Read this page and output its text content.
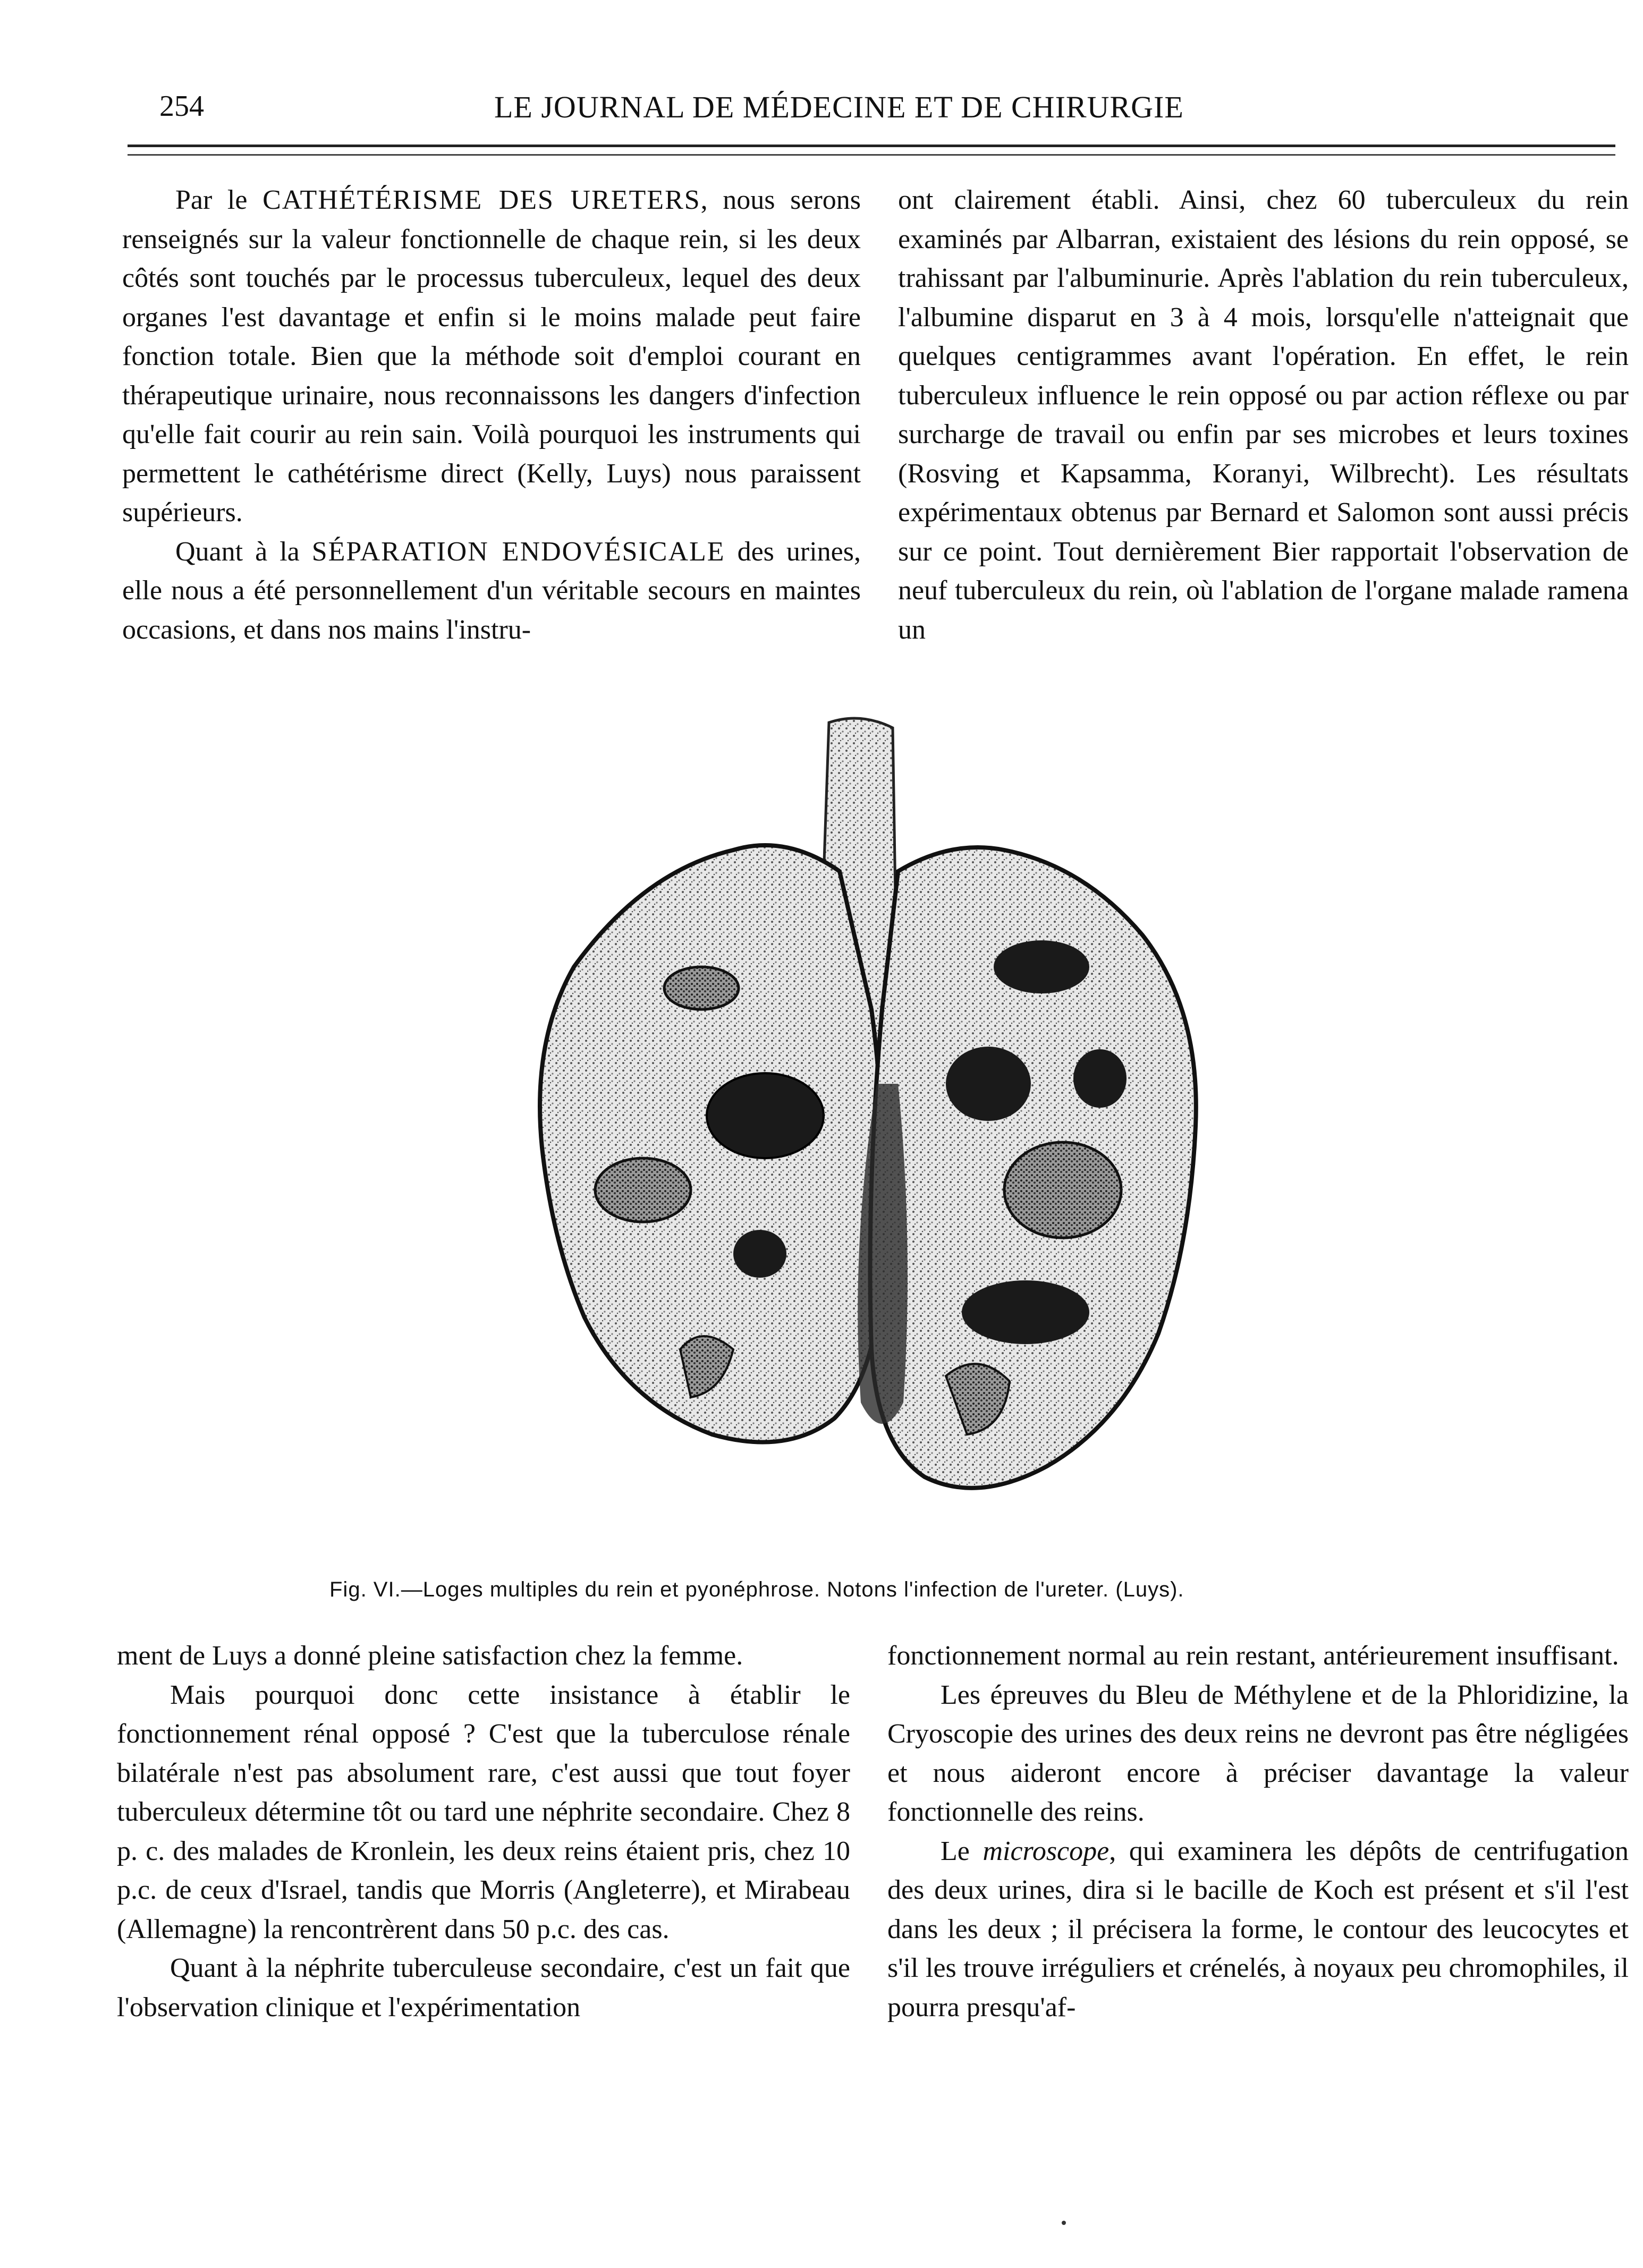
254	LE JOURNAL DE MÉDECINE ET DE CHIRURGIE

Par le CATHÉTÉRISME DES URETERS, nous serons renseignés sur la valeur fonctionnelle de chaque rein, si les deux côtés sont touchés par le processus tuberculeux, lequel des deux organes l'est davantage et enfin si le moins malade peut faire fonction totale. Bien que la méthode soit d'emploi courant en thérapeutique urinaire, nous reconnaissons les dangers d'infection qu'elle fait courir au rein sain. Voilà pourquoi les instruments qui permettent le cathétérisme direct (Kelly, Luys) nous paraissent supérieurs.

Quant à la SÉPARATION ENDOVÉSICALE des urines, elle nous a été personnellement d'un véritable secours en maintes occasions, et dans nos mains l'instru-

ont clairement établi. Ainsi, chez 60 tuberculeux du rein examinés par Albarran, existaient des lésions du rein opposé, se trahissant par l'albuminurie. Après l'ablation du rein tuberculeux, l'albumine disparut en 3 à 4 mois, lorsqu'elle n'atteignait que quelques centigrammes avant l'opération. En effet, le rein tuberculeux influence le rein opposé ou par action réflexe ou par surcharge de travail ou enfin par ses microbes et leurs toxines (Rosving et Kapsamma, Koranyi, Wilbrecht). Les résultats expérimentaux obtenus par Bernard et Salomon sont aussi précis sur ce point. Tout dernièrement Bier rapportait l'observation de neuf tuberculeux du rein, où l'ablation de l'organe malade ramena un

Fig. VI.—Loges multiples du rein et pyonéphrose. Notons l'infection de l'ureter. (Luys).

ment de Luys a donné pleine satisfaction chez la femme.

Mais pourquoi donc cette insistance à établir le fonctionnement rénal opposé ? C'est que la tuberculose rénale bilatérale n'est pas absolument rare, c'est aussi que tout foyer tuberculeux détermine tôt ou tard une néphrite secondaire. Chez 8 p. c. des malades de Kronlein, les deux reins étaient pris, chez 10 p.c. de ceux d'Israel, tandis que Morris (Angleterre), et Mirabeau (Allemagne) la rencontrèrent dans 50 p.c. des cas.

Quant à la néphrite tuberculeuse secondaire, c'est un fait que l'observation clinique et l'expérimentation

fonctionnement normal au rein restant, antérieurement insuffisant.

Les épreuves du Bleu de Méthylene et de la Phloridizine, la Cryoscopie des urines des deux reins ne devront pas être négligées et nous aideront encore à préciser davantage la valeur fonctionnelle des reins.

Le microscope, qui examinera les dépôts de centrifugation des deux urines, dira si le bacille de Koch est présent et s'il l'est dans les deux ; il précisera la forme, le contour des leucocytes et s'il les trouve irréguliers et crénelés, à noyaux peu chromophiles, il pourra presqu'af-
